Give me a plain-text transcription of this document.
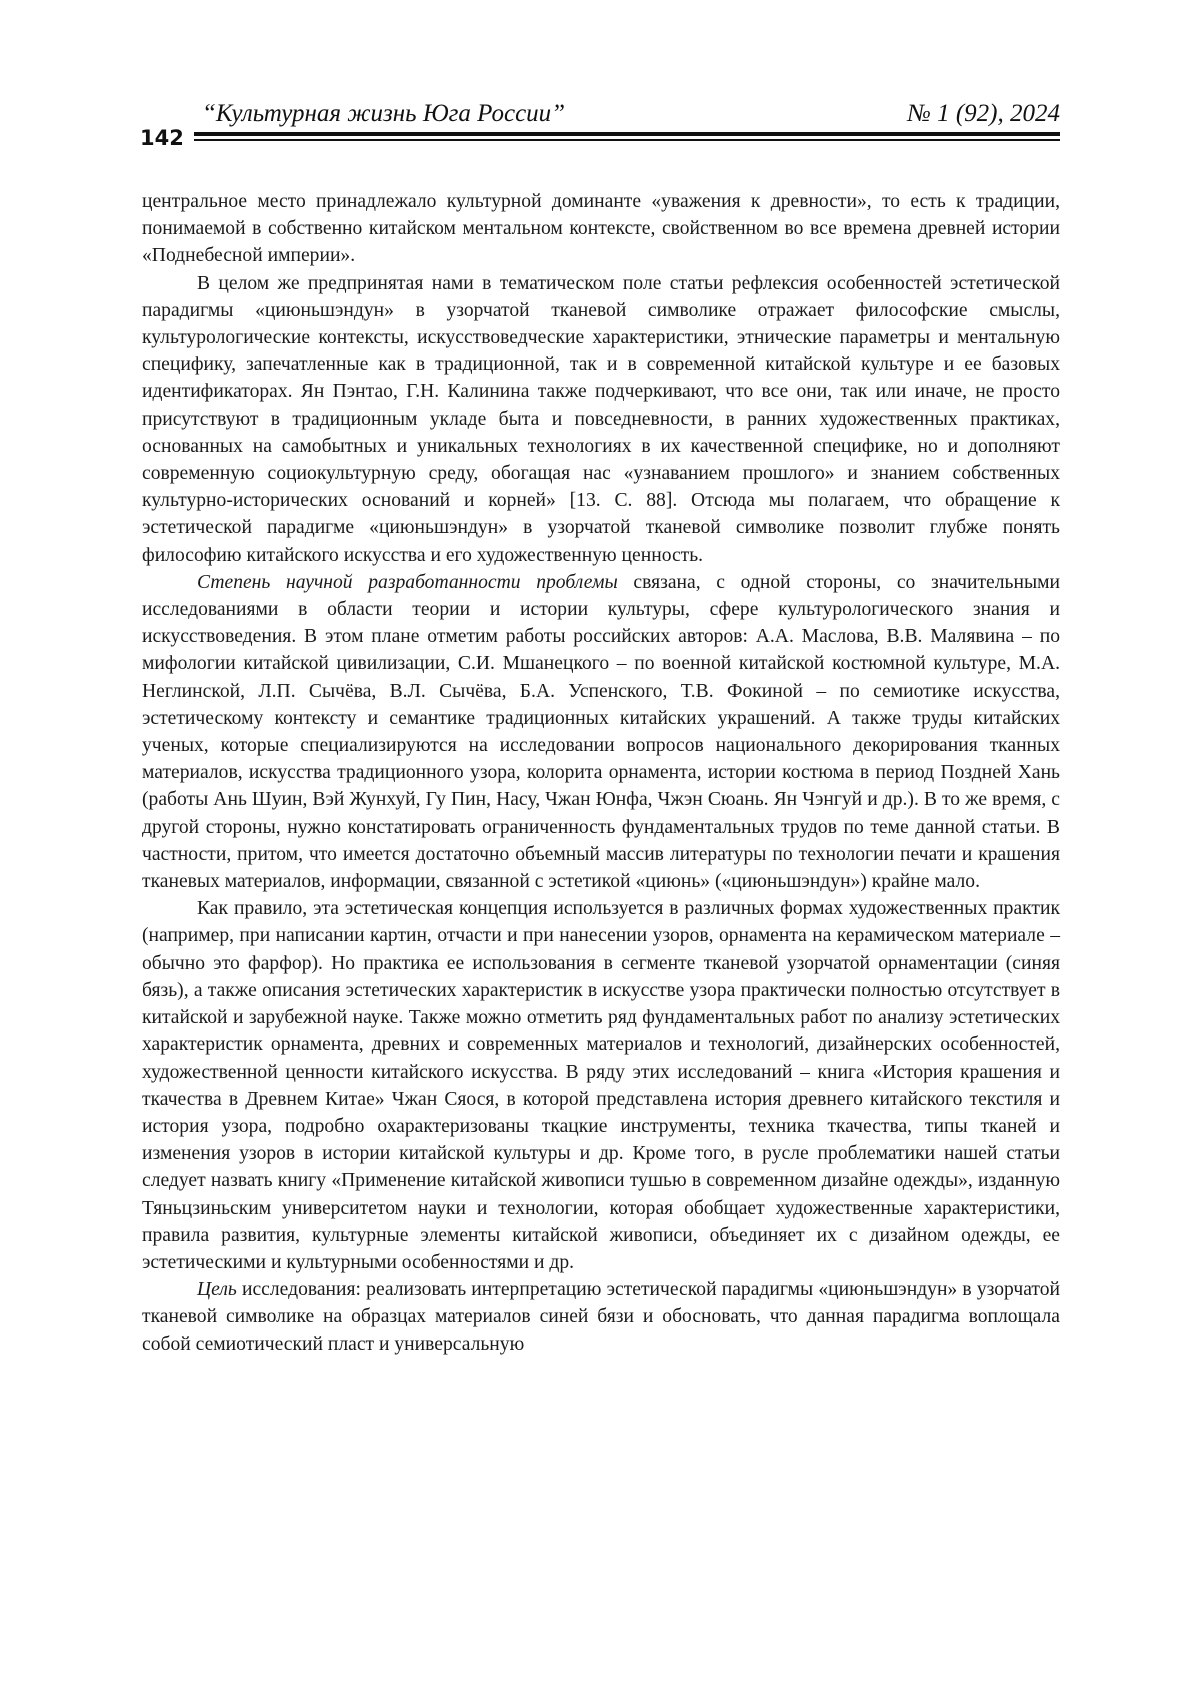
142
“Культурная жизнь Юга России”	№ 1 (92), 2024

центральное место принадлежало культурной доминанте «уважения к древности», то есть к традиции, понимаемой в собственно китайском ментальном контексте, свойственном во все времена древней истории «Поднебесной империи».

В целом же предпринятая нами в тематическом поле статьи рефлексия особенностей эстетической парадигмы «циюньшэндун» в узорчатой тканевой символике отражает философские смыслы, культурологические контексты, искусствоведческие характеристики, этнические параметры и ментальную специфику, запечатленные как в традиционной, так и в современной китайской культуре и ее базовых идентификаторах. Ян Пэнтао, Г.Н. Калинина также подчеркивают, что все они, так или иначе, не просто присутствуют в традиционным укладе быта и повседневности, в ранних художественных практиках, основанных на самобытных и уникальных технологиях в их качественной специфике, но и дополняют современную социокультурную среду, обогащая нас «узнаванием прошлого» и знанием собственных культурно-исторических оснований и корней» [13. С. 88]. Отсюда мы полагаем, что обращение к эстетической парадигме «циюньшэндун» в узорчатой тканевой символике позволит глубже понять философию китайского искусства и его художественную ценность.

Степень научной разработанности проблемы связана, с одной стороны, со значительными исследованиями в области теории и истории культуры, сфере культурологического знания и искусствоведения. В этом плане отметим работы российских авторов: А.А. Маслова, В.В. Малявина – по мифологии китайской цивилизации, С.И. Мшанецкого – по военной китайской костюмной культуре, М.А. Неглинской, Л.П. Сычёва, В.Л. Сычёва, Б.А. Успенского, Т.В. Фокиной – по семиотике искусства, эстетическому контексту и семантике традиционных китайских украшений. А также труды китайских ученых, которые специализируются на исследовании вопросов национального декорирования тканных материалов, искусства традиционного узора, колорита орнамента, истории костюма в период Поздней Хань (работы Ань Шуин, Вэй Жунхуй, Гу Пин, Насу, Чжан Юнфа, Чжэн Сюань. Ян Чэнгуй и др.). В то же время, с другой стороны, нужно констатировать ограниченность фундаментальных трудов по теме данной статьи. В частности, притом, что имеется достаточно объемный массив литературы по технологии печати и крашения тканевых материалов, информации, связанной с эстетикой «циюнь» («циюньшэндун») крайне мало.

Как правило, эта эстетическая концепция используется в различных формах художественных практик (например, при написании картин, отчасти и при нанесении узоров, орнамента на керамическом материале – обычно это фарфор). Но практика ее использования в сегменте тканевой узорчатой орнаментации (синяя бязь), а также описания эстетических характеристик в искусстве узора практически полностью отсутствует в китайской и зарубежной науке. Также можно отметить ряд фундаментальных работ по анализу эстетических характеристик орнамента, древних и современных материалов и технологий, дизайнерских особенностей, художественной ценности китайского искусства. В ряду этих исследований – книга «История крашения и ткачества в Древнем Китае» Чжан Сяося, в которой представлена история древнего китайского текстиля и история узора, подробно охарактеризованы ткацкие инструменты, техника ткачества, типы тканей и изменения узоров в истории китайской культуры и др. Кроме того, в русле проблематики нашей статьи следует назвать книгу «Применение китайской живописи тушью в современном дизайне одежды», изданную Тяньцзиньским университетом науки и технологии, которая обобщает художественные характеристики, правила развития, культурные элементы китайской живописи, объединяет их с дизайном одежды, ее эстетическими и культурными особенностями и др.

Цель исследования: реализовать интерпретацию эстетической парадигмы «циюньшэндун» в узорчатой тканевой символике на образцах материалов синей бязи и обосновать, что данная парадигма воплощала собой семиотический пласт и универсальную
